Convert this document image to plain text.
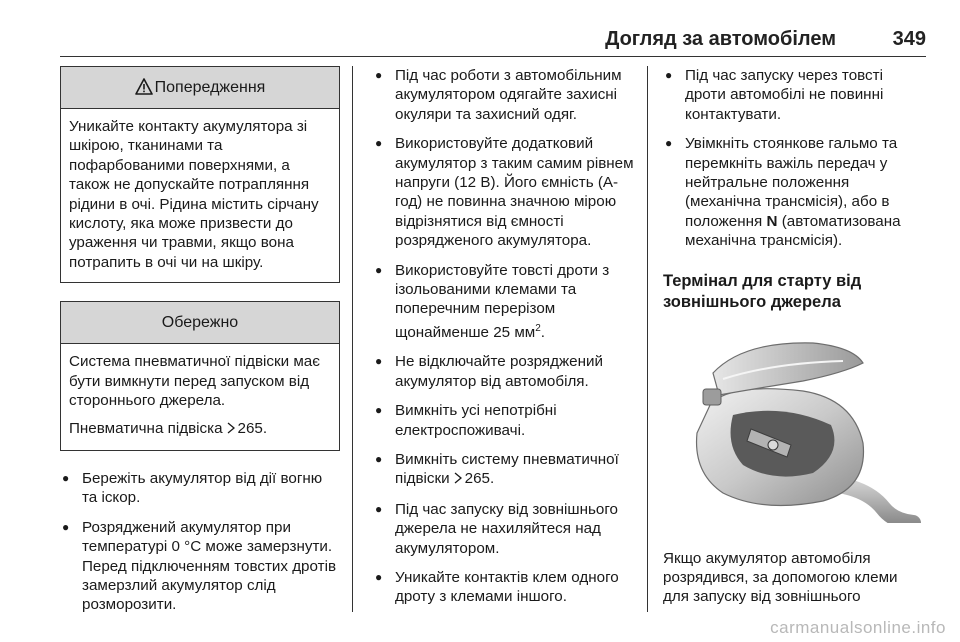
Догляд за автомобілем	349
Попередження

Уникайте контакту акумулятора зі шкірою, тканинами та пофарбованими поверхнями, а також не допускайте потрапляння рідини в очі. Рідина містить сірчану кислоту, яка може призвести до ураження чи травми, якщо вона потрапить в очі чи на шкіру.

Обережно

Система пневматичної підвіски має бути вимкнути перед запуском від стороннього джерела.

Пневматична підвіска 265.

● Бережіть акумулятор від дії вогню та іскор.
● Розряджений акумулятор при температурі 0 °C може замерзнути. Перед підключенням товстих дротів замерзлий акумулятор слід розморозити.
● Під час роботи з автомобільним акумулятором одягайте захисні окуляри та захисний одяг.
● Використовуйте додатковий акумулятор з таким самим рівнем напруги (12 В). Його ємність (А-год) не повинна значною мірою відрізнятися від ємності розрядженого акумулятора.
● Використовуйте товсті дроти з ізольованими клемами та поперечним перерізом щонайменше 25 $мм^2$.
● Не відключайте розряджений акумулятор від автомобіля.
● Вимкніть усі непотрібні електроспоживачі.
● Вимкніть систему пневматичної підвіски 265.
● Під час запуску від зовнішнього джерела не нахиляйтеся над акумулятором.
● Уникайте контактів клем одного дроту з клемами іншого.
● Під час запуску через товсті дроти автомобілі не повинні контактувати.
● Увімкніть стоянкове гальмо та перемкніть важіль передач у нейтральне положення (механічна трансмісія), або в положення N (автоматизована механічна трансмісія).
Термінал для старту від зовнішнього джерела
Якщо акумулятор автомобіля розрядився, за допомогою клеми для запуску від зовнішнього
carmanualsonline.info
